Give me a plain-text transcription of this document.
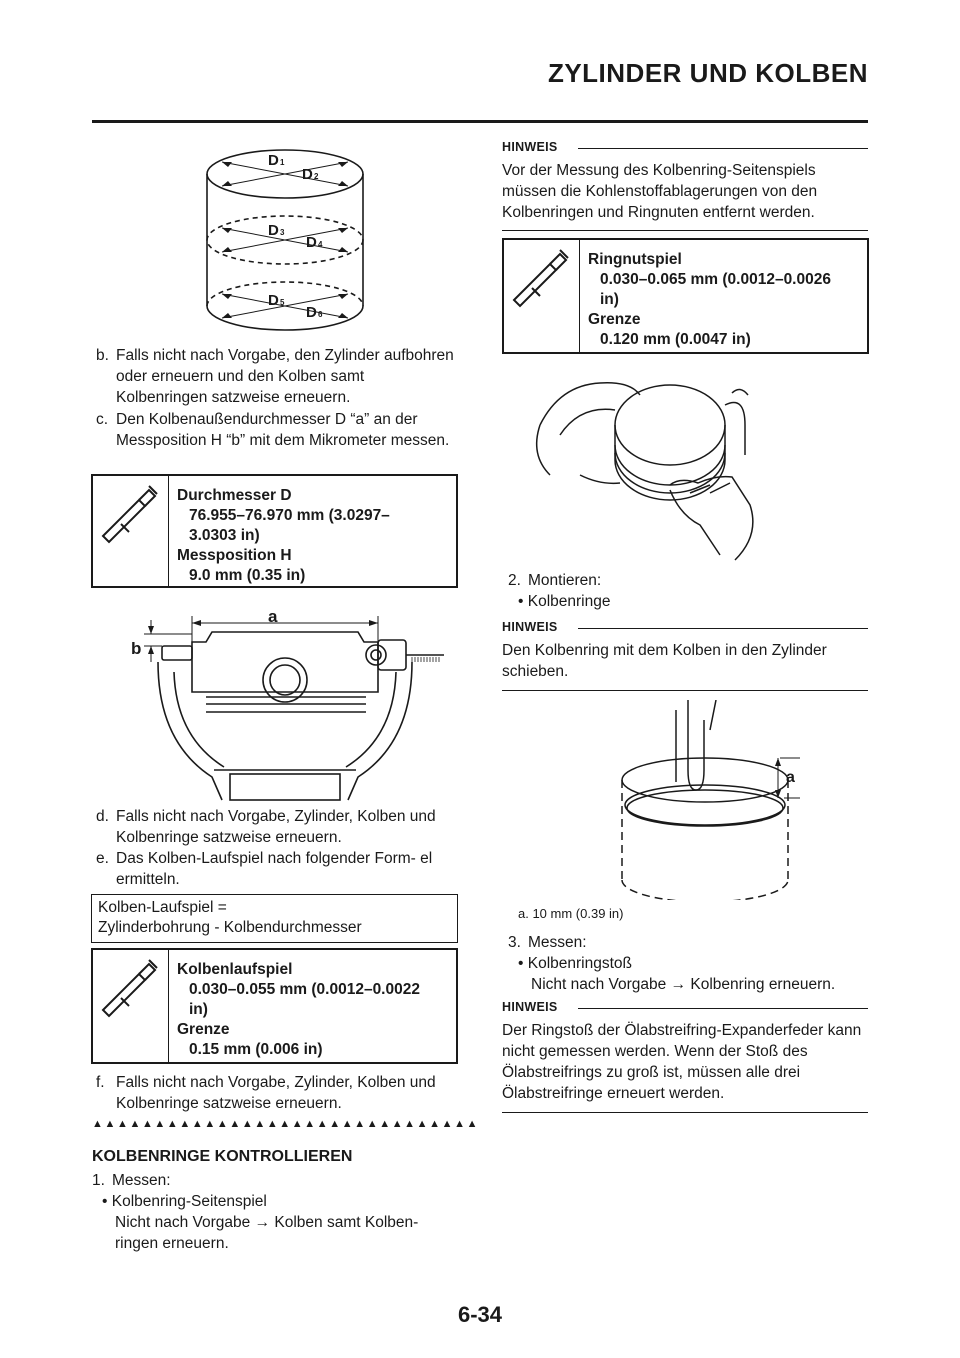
ZYLINDER UND KOLBEN
D 1
D 2
D 3
D 4
D 5
D 6
b. Falls nicht nach Vorgabe, den Zylinder aufbohren oder erneuern und den Kolben samt Kolbenringen satzweise erneuern.
c. Den Kolbenaußendurchmesser D “a” an der Messposition H “b” mit dem Mikrometer messen.
Durchmesser D
76.955–76.970 mm (3.0297–
3.0303 in)
Messposition H
9.0 mm (0.35 in)
a
b
d. Falls nicht nach Vorgabe, Zylinder, Kolben und Kolbenringe satzweise erneuern.
e. Das Kolben-Laufspiel nach folgender Form- el ermitteln.
Kolben-Laufspiel =
Zylinderbohrung - Kolbendurchmesser
Kolbenlaufspiel
0.030–0.055 mm (0.0012–0.0022
in)
Grenze
0.15 mm (0.006 in)
f. Falls nicht nach Vorgabe, Zylinder, Kolben und Kolbenringe satzweise erneuern.
▲▲▲▲▲▲▲▲▲▲▲▲▲▲▲▲▲▲▲▲▲▲▲▲▲▲▲▲▲▲▲
KOLBENRINGE KONTROLLIEREN
1. Messen:
• Kolbenring-Seitenspiel
Nicht nach Vorgabe → Kolben samt Kolben-
ringen erneuern.
HINWEIS
Vor der Messung des Kolbenring-Seitenspiels müssen die Kohlenstoffablagerungen von den Kolbenringen und Ringnuten entfernt werden.
Ringnutspiel
0.030–0.065 mm (0.0012–0.0026
in)
Grenze
0.120 mm (0.0047 in)
2. Montieren:
• Kolbenringe
HINWEIS
Den Kolbenring mit dem Kolben in den Zylinder schieben.
a
a. 10 mm (0.39 in)
3. Messen:
• Kolbenringstoß
Nicht nach Vorgabe → Kolbenring erneuern.
HINWEIS
Der Ringstoß der Ölabstreifring-Expanderfeder kann nicht gemessen werden. Wenn der Stoß des Ölabstreifrings zu groß ist, müssen alle drei Ölabstreifringe erneuert werden.
6-34
